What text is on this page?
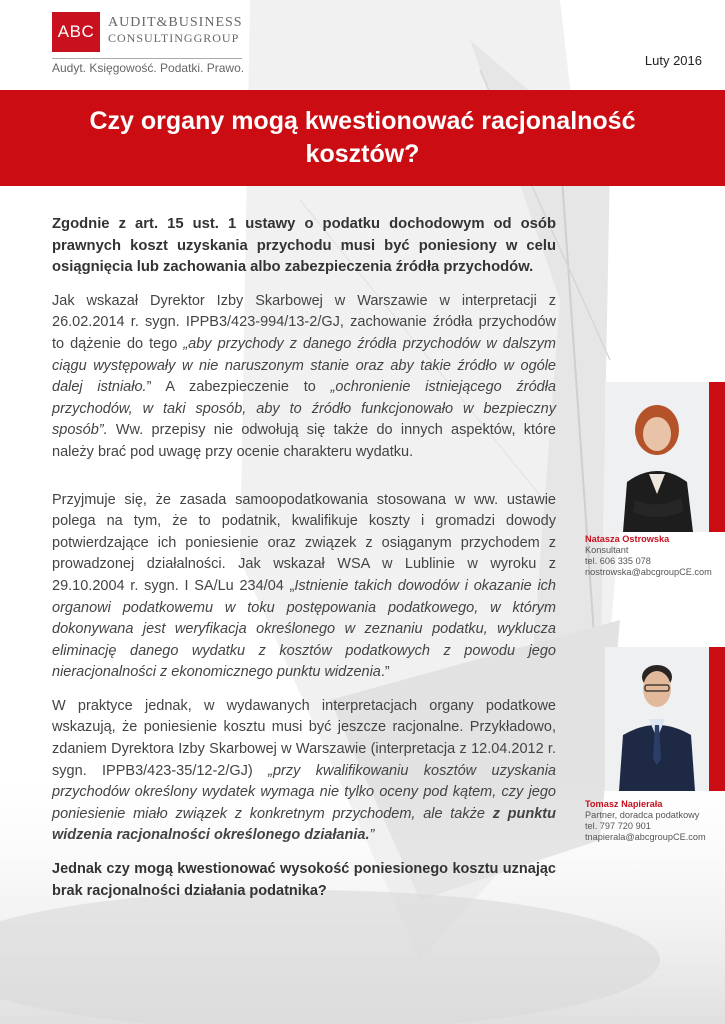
ABC AUDIT&BUSINESS
CONSULTINGGROUP
Audyt. Księgowość. Podatki. Prawo.	Luty 2016
Czy organy mogą kwestionować racjonalność kosztów?

Zgodnie z art. 15 ust. 1 ustawy o podatku dochodowym od osób prawnych koszt uzyskania przychodu musi być poniesiony w celu osiągnięcia lub zachowania albo zabezpieczenia źródła przychodów.

Jak wskazał Dyrektor Izby Skarbowej w Warszawie w interpretacji z 26.02.2014 r. sygn. IPPB3/423-994/13-2/GJ, zachowanie źródła przychodów to dążenie do tego „aby przychody z danego źródła przychodów w dalszym ciągu występowały w nie naruszonym stanie oraz aby takie źródło w ogóle dalej istniało.” A zabezpieczenie to „ochronienie istniejącego źródła przychodów, w taki sposób, aby to źródło funkcjonowało w bezpieczny sposób”. Ww. przepisy nie odwołują się także do innych aspektów, które należy brać pod uwagę przy ocenie charakteru wydatku.

Przyjmuje się, że zasada samoopodatkowania stosowana w ww. ustawie polega na tym, że to podatnik, kwalifikuje koszty i gromadzi dowody potwierdzające ich poniesienie oraz związek z osiąganym przychodem z prowadzonej działalności. Jak wskazał WSA w Lublinie w wyroku z 29.10.2004 r. sygn. I SA/Lu 234/04 „Istnienie takich dowodów i okazanie ich organowi podatkowemu w toku postępowania podatkowego, w którym dokonywana jest weryfikacja określonego w zeznaniu podatku, wyklucza eliminację danego wydatku z kosztów podatkowych z powodu jego nieracjonalności z ekonomicznego punktu widzenia.”

W praktyce jednak, w wydawanych interpretacjach organy podatkowe wskazują, że poniesienie kosztu musi być jeszcze racjonalne. Przykładowo, zdaniem Dyrektora Izby Skarbowej w Warszawie (interpretacja z 12.04.2012 r. sygn. IPPB3/423-35/12-2/GJ) „przy kwalifikowaniu kosztów uzyskania przychodów określony wydatek wymaga nie tylko oceny pod kątem, czy jego poniesienie miało związek z konkretnym przychodem, ale także z punktu widzenia racjonalności określonego działania.”

Jednak czy mogą kwestionować wysokość poniesionego kosztu uznając brak racjonalności działania podatnika?

Natasza Ostrowska
Konsultant
tel. 606 335 078
nostrowska@abcgroupCE.com
Tomasz Napierała
Partner, doradca podatkowy
tel. 797 720 901
tnapierala@abcgroupCE.com
